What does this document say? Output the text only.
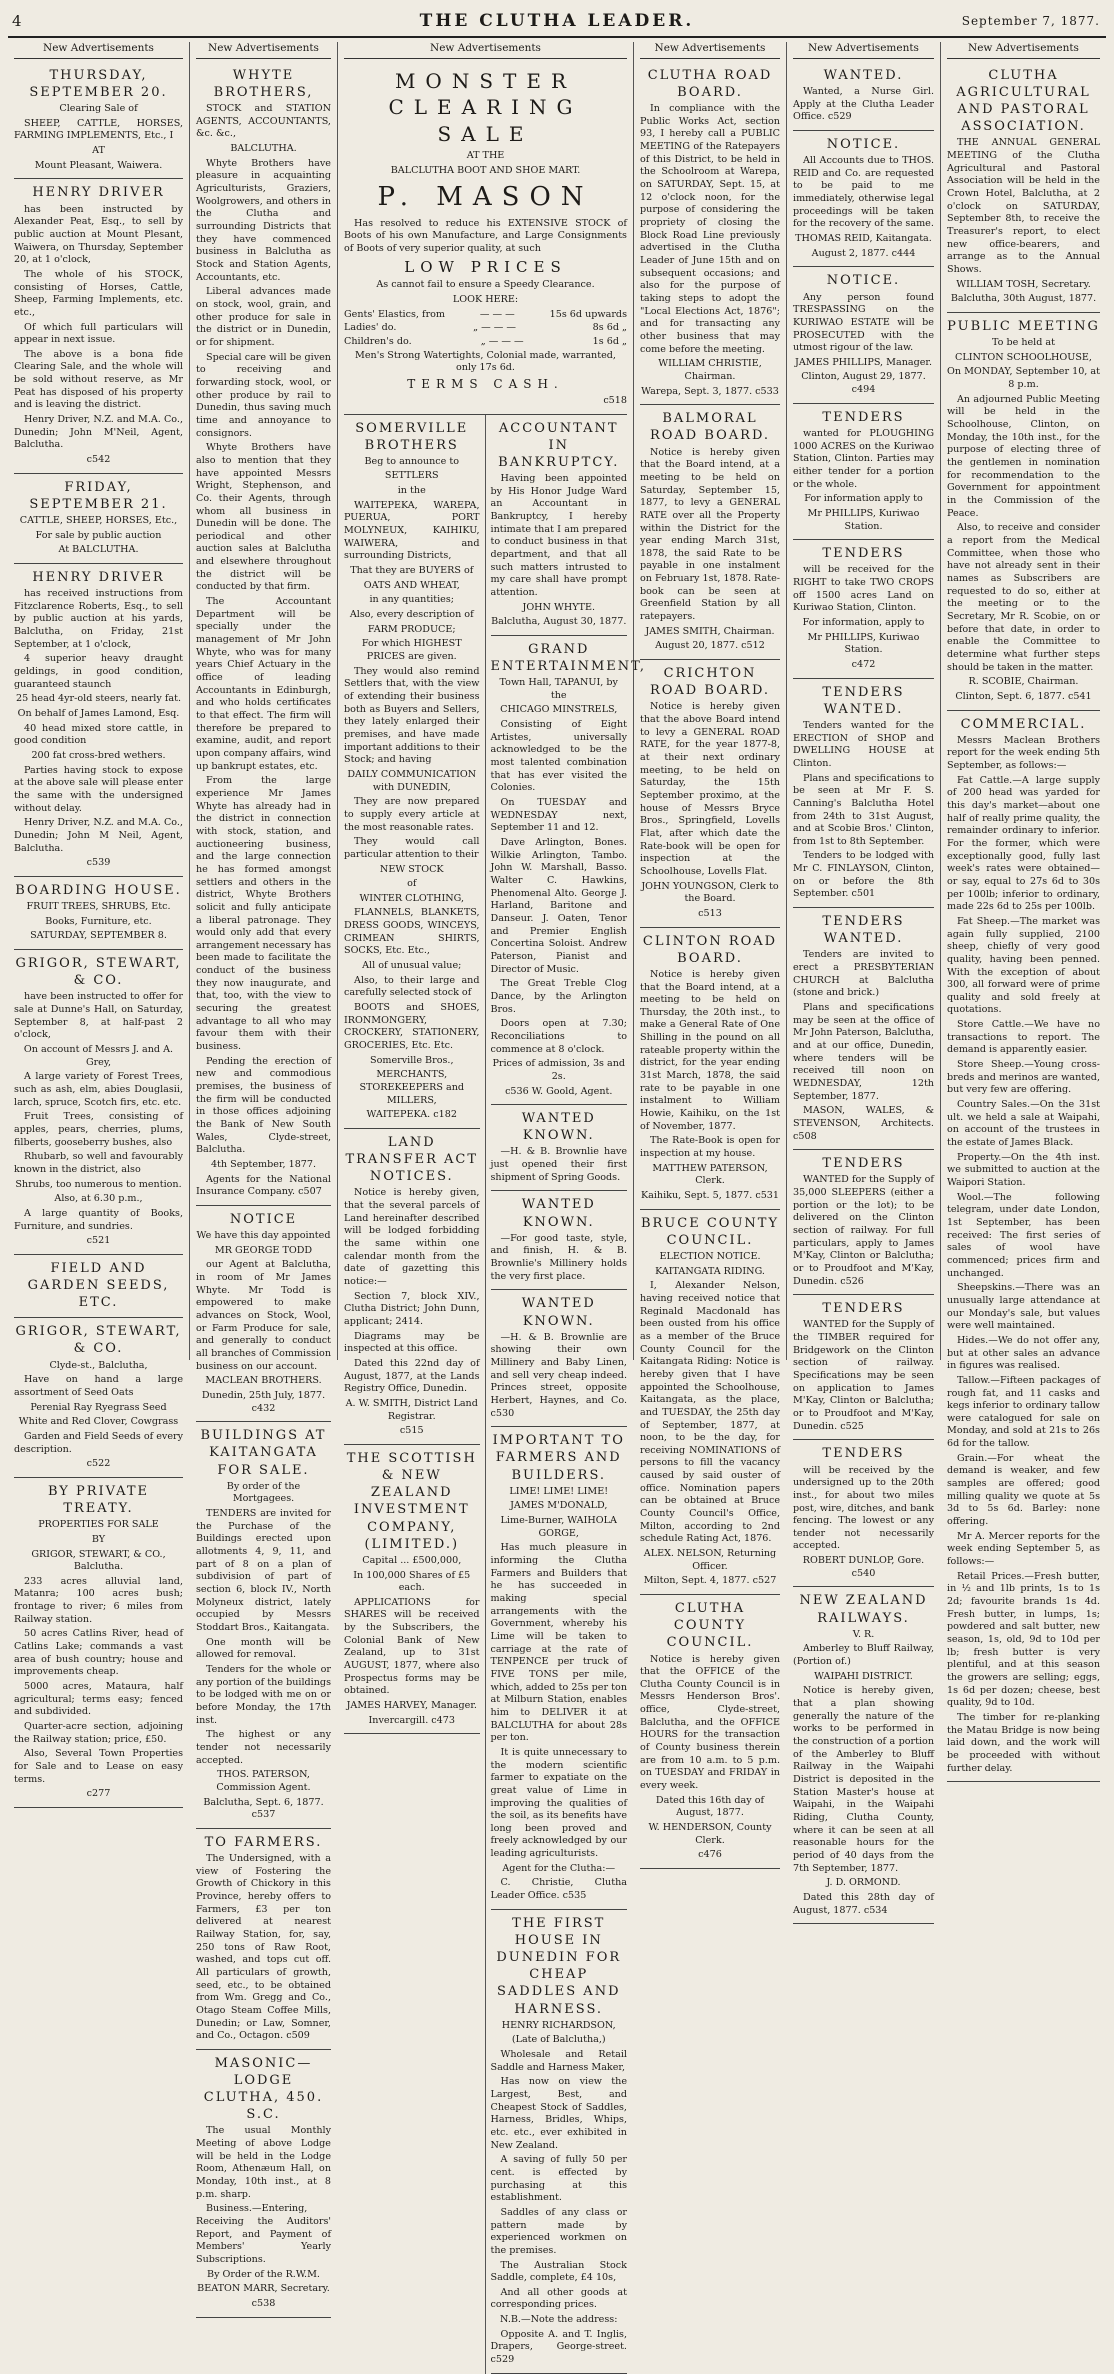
4	THE CLUTHA LEADER.	September 7, 1877.
New Advertisements
THURSDAY, SEPTEMBER 20.

Clearing Sale of

SHEEP, CATTLE, HORSES, FARMING IMPLEMENTS, Etc., I

AT

Mount Pleasant, Waiwera.

HENRY DRIVER

has been instructed by Alexander Peat, Esq., to sell by public auction at Mount Plesant, Waiwera, on Thursday, September 20, at 1 o'clock,

The whole of his STOCK, consisting of Horses, Cattle, Sheep, Farming Implements, etc. etc.,

Of which full particulars will appear in next issue.

The above is a bona fide Clearing Sale, and the whole will be sold without reserve, as Mr Peat has disposed of his property and is leaving the district.

Henry Driver, N.Z. and M.A. Co., Dunedin; John M'Neil, Agent, Balclutha.

c542

FRIDAY, SEPTEMBER 21.

CATTLE, SHEEP, HORSES, Etc.,

For sale by public auction

At BALCLUTHA.

HENRY DRIVER

has received instructions from Fitzclarence Roberts, Esq., to sell by public auction at his yards, Balclutha, on Friday, 21st September, at 1 o'clock,

4 superior heavy draught geldings, in good condition, guaranteed staunch

25 head 4yr-old steers, nearly fat.

On behalf of James Lamond, Esq.

40 head mixed store cattle, in good condition

200 fat cross-bred wethers.

Parties having stock to expose at the above sale will please enter the same with the undersigned without delay.

Henry Driver, N.Z. and M.A. Co., Dunedin; John M Neil, Agent, Balclutha.

c539

BOARDING HOUSE.

FRUIT TREES, SHRUBS, Etc.

Books, Furniture, etc.

SATURDAY, SEPTEMBER 8.

GRIGOR, STEWART, & CO.

have been instructed to offer for sale at Dunne's Hall, on Saturday, September 8, at half-past 2 o'clock,

On account of Messrs J. and A. Grey,

A large variety of Forest Trees, such as ash, elm, abies Douglasii, larch, spruce, Scotch firs, etc. etc.

Fruit Trees, consisting of apples, pears, cherries, plums, filberts, gooseberry bushes, also

Rhubarb, so well and favourably known in the district, also

Shrubs, too numerous to mention.

Also, at 6.30 p.m.,

A large quantity of Books, Furniture, and sundries.

c521

FIELD AND GARDEN SEEDS, ETC.
GRIGOR, STEWART, & CO.

Clyde-st., Balclutha,

Have on hand a large assortment of Seed Oats

Perenial Ray Ryegrass Seed

White and Red Clover, Cowgrass

Garden and Field Seeds of every description.

c522

BY PRIVATE TREATY.

PROPERTIES FOR SALE

BY

GRIGOR, STEWART, & CO., Balclutha.

233 acres alluvial land, Matanra; 100 acres bush; frontage to river; 6 miles from Railway station.

50 acres Catlins River, head of Catlins Lake; commands a vast area of bush country; house and improvements cheap.

5000 acres, Mataura, half agricultural; terms easy; fenced and subdivided.

Quarter-acre section, adjoining the Railway station; price, £50.

Also, Several Town Properties for Sale and to Lease on easy terms.

c277

New Advertisements
WHYTE BROTHERS,

STOCK and STATION AGENTS, ACCOUNTANTS, &c. &c.,

BALCLUTHA.

Whyte Brothers have pleasure in acquainting Agriculturists, Graziers, Woolgrowers, and others in the Clutha and surrounding Districts that they have commenced business in Balclutha as Stock and Station Agents, Accountants, etc.

Liberal advances made on stock, wool, grain, and other produce for sale in the district or in Dunedin, or for shipment.

Special care will be given to receiving and forwarding stock, wool, or other produce by rail to Dunedin, thus saving much time and annoyance to consignors.

Whyte Brothers have also to mention that they have appointed Messrs Wright, Stephenson, and Co. their Agents, through whom all business in Dunedin will be done. The periodical and other auction sales at Balclutha and elsewhere throughout the district will be conducted by that firm.

The Accountant Department will be specially under the management of Mr John Whyte, who was for many years Chief Actuary in the office of leading Accountants in Edinburgh, and who holds certificates to that effect. The firm will therefore be prepared to examine, audit, and report upon company affairs, wind up bankrupt estates, etc.

From the large experience Mr James Whyte has already had in the district in connection with stock, station, and auctioneering business, and the large connection he has formed amongst settlers and others in the district, Whyte Brothers solicit and fully anticipate a liberal patronage. They would only add that every arrangement necessary has been made to facilitate the conduct of the business they now inaugurate, and that, too, with the view to securing the greatest advantage to all who may favour them with their business.

Pending the erection of new and commodious premises, the business of the firm will be conducted in those offices adjoining the Bank of New South Wales, Clyde-street, Balclutha.

4th September, 1877.

Agents for the National Insurance Company. c507

NOTICE

We have this day appointed

MR GEORGE TODD

our Agent at Balclutha, in room of Mr James Whyte. Mr Todd is empowered to make advances on Stock, Wool, or Farm Produce for sale, and generally to conduct all branches of Commission business on our account.

MACLEAN BROTHERS.

Dunedin, 25th July, 1877. c432

BUILDINGS AT KAITANGATA FOR SALE.

By order of the Mortgagees.

TENDERS are invited for the Purchase of the Buildings erected upon allotments 4, 9, 11, and part of 8 on a plan of subdivision of part of section 6, block IV., North Molyneux district, lately occupied by Messrs Stoddart Bros., Kaitangata.

One month will be allowed for removal.

Tenders for the whole or any portion of the buildings to be lodged with me on or before Monday, the 17th inst.

The highest or any tender not necessarily accepted.

THOS. PATERSON, Commission Agent.

Balclutha, Sept. 6, 1877. c537

TO FARMERS.

The Undersigned, with a view of Fostering the Growth of Chickory in this Province, hereby offers to Farmers, £3 per ton delivered at nearest Railway Station, for, say, 250 tons of Raw Root, washed, and tops cut off. All particulars of growth, seed, etc., to be obtained from Wm. Gregg and Co., Otago Steam Coffee Mills, Dunedin; or Law, Somner, and Co., Octagon. c509

MASONIC—LODGE CLUTHA, 450. S.C.

The usual Monthly Meeting of above Lodge will be held in the Lodge Room, Athenæum Hall, on Monday, 10th inst., at 8 p.m. sharp.

Business.—Entering, Receiving the Auditors' Report, and Payment of Members' Yearly Subscriptions.

By Order of the R.W.M.

BEATON MARR, Secretary.

c538

New Advertisements
MONSTER CLEARING SALE

AT THE

BALCLUTHA BOOT AND SHOE MART.

P. MASON

Has resolved to reduce his EXTENSIVE STOCK of Boots of his own Manufacture, and Large Consignments of Boots of very superior quality, at such

LOW PRICES

As cannot fail to ensure a Speedy Clearance.

LOOK HERE:

Gents' Elastics, from	— — —	15s 6d upwards
Ladies' do.	„ — — —	8s 6d „
Children's do.	„ — — —	1s 6d „

Men's Strong Watertights, Colonial made, warranted, only 17s 6d.

TERMS CASH.

c518

SOMERVILLE BROTHERS

Beg to announce to

SETTLERS

in the

WAITEPEKA, WAREPA, PUERUA, PORT MOLYNEUX, KAIHIKU, WAIWERA, and surrounding Districts,

That they are BUYERS of

OATS AND WHEAT,

in any quantities;

Also, every description of

FARM PRODUCE;

For which HIGHEST PRICES are given.

They would also remind Settlers that, with the view of extending their business both as Buyers and Sellers, they lately enlarged their premises, and have made important additions to their Stock; and having

DAILY COMMUNICATION with DUNEDIN,

They are now prepared to supply every article at the most reasonable rates.

They would call particular attention to their

NEW STOCK

of

WINTER CLOTHING,

FLANNELS, BLANKETS, DRESS GOODS, WINCEYS, CRIMEAN SHIRTS, SOCKS, Etc. Etc.,

All of unusual value;

Also, to their large and carefully selected stock of

BOOTS and SHOES, IRONMONGERY, CROCKERY, STATIONERY, GROCERIES, Etc. Etc.

Somerville Bros.,

MERCHANTS, STOREKEEPERS and MILLERS,

WAITEPEKA. c182

LAND TRANSFER ACT NOTICES.

Notice is hereby given, that the several parcels of Land hereinafter described will be lodged forbidding the same within one calendar month from the date of gazetting this notice:—

Section 7, block XIV., Clutha District; John Dunn, applicant; 2414.

Diagrams may be inspected at this office.

Dated this 22nd day of August, 1877, at the Lands Registry Office, Dunedin.

A. W. SMITH, District Land Registrar.

c515

THE SCOTTISH & NEW ZEALAND INVESTMENT COMPANY, (LIMITED.)

Capital ... £500,000,

In 100,000 Shares of £5 each.

APPLICATIONS for SHARES will be received by the Subscribers, the Colonial Bank of New Zealand, up to 31st AUGUST, 1877, where also Prospectus forms may be obtained.

JAMES HARVEY, Manager.

Invercargill. c473

ACCOUNTANT IN BANKRUPTCY.

Having been appointed by His Honor Judge Ward an Accountant in Bankruptcy, I hereby intimate that I am prepared to conduct business in that department, and that all such matters intrusted to my care shall have prompt attention.

JOHN WHYTE.

Balclutha, August 30, 1877.

GRAND ENTERTAINMENT,

Town Hall, TAPANUI, by the

CHICAGO MINSTRELS,

Consisting of Eight Artistes, universally acknowledged to be the most talented combination that has ever visited the Colonies.

On TUESDAY and WEDNESDAY next, September 11 and 12.

Dave Arlington, Bones. Wilkie Arlington, Tambo. John W. Marshall, Basso. Walter C. Hawkins, Phenomenal Alto. George J. Harland, Baritone and Danseur. J. Oaten, Tenor and Premier English Concertina Soloist. Andrew Paterson, Pianist and Director of Music.

The Great Treble Clog Dance, by the Arlington Bros.

Doors open at 7.30; Reconciliations to commence at 8 o'clock.

Prices of admission, 3s and 2s.

c536 W. Goold, Agent.

WANTED KNOWN.

—H. & B. Brownlie have just opened their first shipment of Spring Goods.

WANTED KNOWN.

—For good taste, style, and finish, H. & B. Brownlie's Millinery holds the very first place.

WANTED KNOWN.

—H. & B. Brownlie are showing their own Millinery and Baby Linen, and sell very cheap indeed. Princes street, opposite Herbert, Haynes, and Co. c530

IMPORTANT TO FARMERS AND BUILDERS.

LIME! LIME! LIME!

JAMES M'DONALD,

Lime-Burner, WAIHOLA GORGE,

Has much pleasure in informing the Clutha Farmers and Builders that he has succeeded in making special arrangements with the Government, whereby his Lime will be taken to carriage at the rate of TENPENCE per truck of FIVE TONS per mile, which, added to 25s per ton at Milburn Station, enables him to DELIVER it at BALCLUTHA for about 28s per ton.

It is quite unnecessary to the modern scientific farmer to expatiate on the great value of Lime in improving the qualities of the soil, as its benefits have long been proved and freely acknowledged by our leading agriculturists.

Agent for the Clutha:—

C. Christie, Clutha Leader Office. c535

THE FIRST HOUSE IN DUNEDIN FOR CHEAP SADDLES AND HARNESS.

HENRY RICHARDSON,

(Late of Balclutha,)

Wholesale and Retail Saddle and Harness Maker,

Has now on view the Largest, Best, and Cheapest Stock of Saddles, Harness, Bridles, Whips, etc. etc., ever exhibited in New Zealand.

A saving of fully 50 per cent. is effected by purchasing at this establishment.

Saddles of any class or pattern made by experienced workmen on the premises.

The Australian Stock Saddle, complete, £4 10s,

And all other goods at corresponding prices.

N.B.—Note the address:

Opposite A. and T. Inglis, Drapers, George-street. c529

New Advertisements
CLUTHA ROAD BOARD.

In compliance with the Public Works Act, section 93, I hereby call a PUBLIC MEETING of the Ratepayers of this District, to be held in the Schoolroom at Warepa, on SATURDAY, Sept. 15, at 12 o'clock noon, for the purpose of considering the propriety of closing the Block Road Line previously advertised in the Clutha Leader of June 15th and on subsequent occasions; and also for the purpose of taking steps to adopt the "Local Elections Act, 1876"; and for transacting any other business that may come before the meeting.

WILLIAM CHRISTIE, Chairman.

Warepa, Sept. 3, 1877. c533

BALMORAL ROAD BOARD.

Notice is hereby given that the Board intend, at a meeting to be held on Saturday, September 15, 1877, to levy a GENERAL RATE over all the Property within the District for the year ending March 31st, 1878, the said Rate to be payable in one instalment on February 1st, 1878. Rate-book can be seen at Greenfield Station by all ratepayers.

JAMES SMITH, Chairman.

August 20, 1877. c512

CRICHTON ROAD BOARD.

Notice is hereby given that the above Board intend to levy a GENERAL ROAD RATE, for the year 1877-8, at their next ordinary meeting, to be held on Saturday, the 15th September proximo, at the house of Messrs Bryce Bros., Springfield, Lovells Flat, after which date the Rate-book will be open for inspection at the Schoolhouse, Lovells Flat.

JOHN YOUNGSON, Clerk to the Board.

c513

CLINTON ROAD BOARD.

Notice is hereby given that the Board intend, at a meeting to be held on Thursday, the 20th inst., to make a General Rate of One Shilling in the pound on all rateable property within the district, for the year ending 31st March, 1878, the said rate to be payable in one instalment to William Howie, Kaihiku, on the 1st of November, 1877.

The Rate-Book is open for inspection at my house.

MATTHEW PATERSON, Clerk.

Kaihiku, Sept. 5, 1877. c531

BRUCE COUNTY COUNCIL.

ELECTION NOTICE.

KAITANGATA RIDING.

I, Alexander Nelson, having received notice that Reginald Macdonald has been ousted from his office as a member of the Bruce County Council for the Kaitangata Riding: Notice is hereby given that I have appointed the Schoolhouse, Kaitangata, as the place, and TUESDAY, the 25th day of September, 1877, at noon, to be the day, for receiving NOMINATIONS of persons to fill the vacancy caused by said ouster of office. Nomination papers can be obtained at Bruce County Council's Office, Milton, according to 2nd schedule Rating Act, 1876.

ALEX. NELSON, Returning Officer.

Milton, Sept. 4, 1877. c527

CLUTHA COUNTY COUNCIL.

Notice is hereby given that the OFFICE of the Clutha County Council is in Messrs Henderson Bros'. office, Clyde-street, Balclutha, and the OFFICE HOURS for the transaction of County business therein are from 10 a.m. to 5 p.m. on TUESDAY and FRIDAY in every week.

Dated this 16th day of August, 1877.

W. HENDERSON, County Clerk.

c476

New Advertisements
WANTED.

Wanted, a Nurse Girl. Apply at the Clutha Leader Office. c529

NOTICE.

All Accounts due to THOS. REID and Co. are requested to be paid to me immediately, otherwise legal proceedings will be taken for the recovery of the same.

THOMAS REID, Kaitangata.

August 2, 1877. c444

NOTICE.

Any person found TRESPASSING on the KURIWAO ESTATE will be PROSECUTED with the utmost rigour of the law.

JAMES PHILLIPS, Manager.

Clinton, August 29, 1877. c494

TENDERS

wanted for PLOUGHING 1000 ACRES on the Kuriwao Station, Clinton. Parties may either tender for a portion or the whole.

For information apply to

Mr PHILLIPS, Kuriwao Station.

TENDERS

will be received for the RIGHT to take TWO CROPS off 1500 acres Land on Kuriwao Station, Clinton.

For information, apply to

Mr PHILLIPS, Kuriwao Station.

c472

TENDERS WANTED.

Tenders wanted for the ERECTION of SHOP and DWELLING HOUSE at Clinton.

Plans and specifications to be seen at Mr F. S. Canning's Balclutha Hotel from 24th to 31st August, and at Scobie Bros.' Clinton, from 1st to 8th September.

Tenders to be lodged with Mr C. FINLAYSON, Clinton, on or before the 8th September. c501

TENDERS WANTED.

Tenders are invited to erect a PRESBYTERIAN CHURCH at Balclutha (stone and brick.)

Plans and specifications may be seen at the office of Mr John Paterson, Balclutha, and at our office, Dunedin, where tenders will be received till noon on WEDNESDAY, 12th September, 1877.

MASON, WALES, & STEVENSON, Architects. c508

TENDERS

WANTED for the Supply of 35,000 SLEEPERS (either a portion or the lot); to be delivered on the Clinton section of railway. For full particulars, apply to James M'Kay, Clinton or Balclutha; or to Proudfoot and M'Kay, Dunedin. c526

TENDERS

WANTED for the Supply of the TIMBER required for Bridgework on the Clinton section of railway. Specifications may be seen on application to James M'Kay, Clinton or Balclutha; or to Proudfoot and M'Kay, Dunedin. c525

TENDERS

will be received by the undersigned up to the 20th inst., for about two miles post, wire, ditches, and bank fencing. The lowest or any tender not necessarily accepted.

ROBERT DUNLOP, Gore. c540

NEW ZEALAND RAILWAYS.

V. R.

Amberley to Bluff Railway, (Portion of.)

WAIPAHI DISTRICT.

Notice is hereby given, that a plan showing generally the nature of the works to be performed in the construction of a portion of the Amberley to Bluff Railway in the Waipahi District is deposited in the Station Master's house at Waipahi, in the Waipahi Riding, Clutha County, where it can be seen at all reasonable hours for the period of 40 days from the 7th September, 1877.

J. D. ORMOND.

Dated this 28th day of August, 1877. c534

New Advertisements
CLUTHA AGRICULTURAL AND PASTORAL ASSOCIATION.

THE ANNUAL GENERAL MEETING of the Clutha Agricultural and Pastoral Association will be held in the Crown Hotel, Balclutha, at 2 o'clock on SATURDAY, September 8th, to receive the Treasurer's report, to elect new office-bearers, and arrange as to the Annual Shows.

WILLIAM TOSH, Secretary.

Balclutha, 30th August, 1877.

PUBLIC MEETING

To be held at

CLINTON SCHOOLHOUSE,

On MONDAY, September 10, at 8 p.m.

An adjourned Public Meeting will be held in the Schoolhouse, Clinton, on Monday, the 10th inst., for the purpose of electing three of the gentlemen in nomination for recommendation to the Government for appointment in the Commission of the Peace.

Also, to receive and consider a report from the Medical Committee, when those who have not already sent in their names as Subscribers are requested to do so, either at the meeting or to the Secretary, Mr R. Scobie, on or before that date, in order to enable the Committee to determine what further steps should be taken in the matter.

R. SCOBIE, Chairman.

Clinton, Sept. 6, 1877. c541

COMMERCIAL.

Messrs Maclean Brothers report for the week ending 5th September, as follows:—

Fat Cattle.—A large supply of 200 head was yarded for this day's market—about one half of really prime quality, the remainder ordinary to inferior. For the former, which were exceptionally good, fully last week's rates were obtained—or say, equal to 27s 6d to 30s per 100lb; inferior to ordinary, made 22s 6d to 25s per 100lb.

Fat Sheep.—The market was again fully supplied, 2100 sheep, chiefly of very good quality, having been penned. With the exception of about 300, all forward were of prime quality and sold freely at quotations.

Store Cattle.—We have no transactions to report. The demand is apparently easier.

Store Sheep.—Young cross-breds and merinos are wanted, but very few are offering.

Country Sales.—On the 31st ult. we held a sale at Waipahi, on account of the trustees in the estate of James Black.

Property.—On the 4th inst. we submitted to auction at the Waipori Station.

Wool.—The following telegram, under date London, 1st September, has been received: The first series of sales of wool have commenced; prices firm and unchanged.

Sheepskins.—There was an unusually large attendance at our Monday's sale, but values were well maintained.

Hides.—We do not offer any, but at other sales an advance in figures was realised.

Tallow.—Fifteen packages of rough fat, and 11 casks and kegs inferior to ordinary tallow were catalogued for sale on Monday, and sold at 21s to 26s 6d for the tallow.

Grain.—For wheat the demand is weaker, and few samples are offered; good milling quality we quote at 5s 3d to 5s 6d. Barley: none offering.

Mr A. Mercer reports for the week ending September 5, as follows:—

Retail Prices.—Fresh butter, in ½ and 1lb prints, 1s to 1s 2d; favourite brands 1s 4d. Fresh butter, in lumps, 1s; powdered and salt butter, new season, 1s, old, 9d to 10d per lb; fresh butter is very plentiful, and at this season the growers are selling; eggs, 1s 6d per dozen; cheese, best quality, 9d to 10d.

The timber for re-planking the Matau Bridge is now being laid down, and the work will be proceeded with without further delay.
